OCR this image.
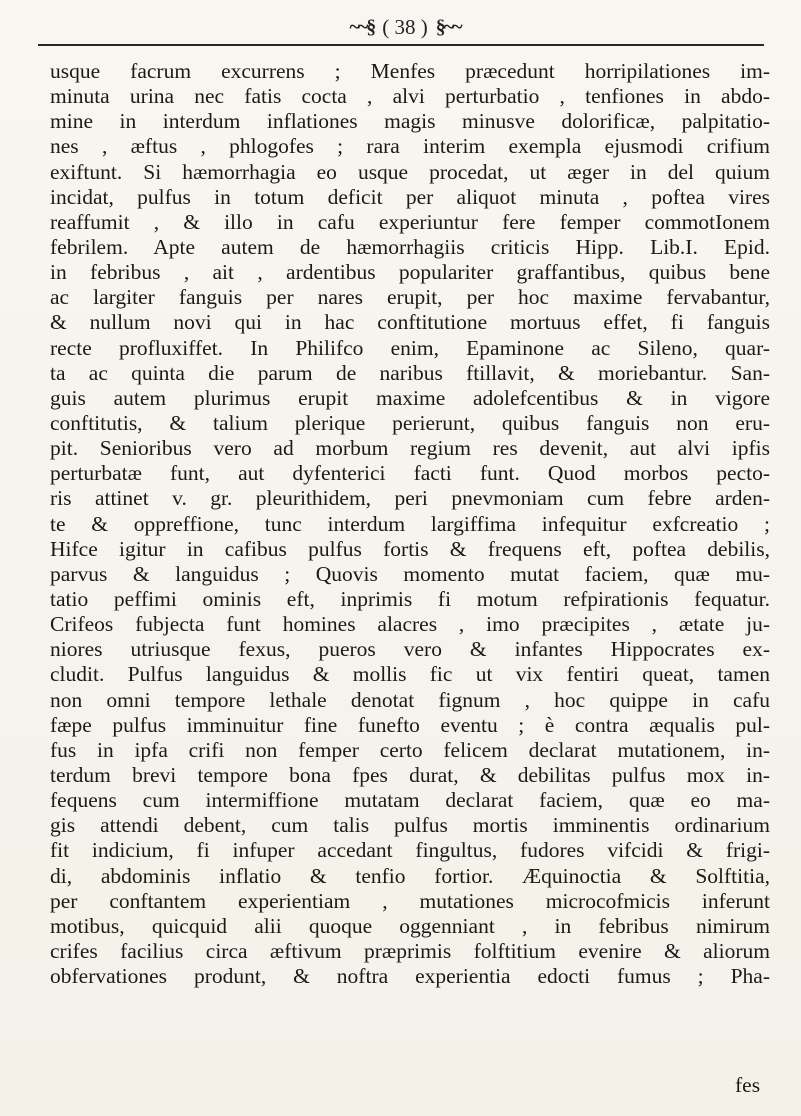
~~§ ( 38 ) §~~
usque facrum excurrens ; Menfes præcedunt horripilationes im-
minuta urina nec fatis cocta , alvi perturbatio , tenfiones in abdo-
mine in interdum inflationes magis minusve dolorificæ, palpitatio-
nes , æftus , phlogofes ; rara interim exempla ejusmodi crifium
exiftunt. Si hæmorrhagia eo usque procedat, ut æger in del quium
incidat, pulfus in totum deficit per aliquot minuta , poftea vires
reaffumit , & illo in cafu experiuntur fere femper commotIonem
febrilem. Apte autem de hæmorrhagiis criticis Hipp. Lib.I. Epid.
in febribus , ait , ardentibus populariter graffantibus, quibus bene
ac largiter fanguis per nares erupit, per hoc maxime fervabantur,
& nullum novi qui in hac conftitutione mortuus effet, fi fanguis
recte profluxiffet. In Philifco enim, Epaminone ac Sileno, quar-
ta ac quinta die parum de naribus ftillavit, & moriebantur. San-
guis autem plurimus erupit maxime adolefcentibus & in vigore
conftitutis, & talium plerique perierunt, quibus fanguis non eru-
pit. Senioribus vero ad morbum regium res devenit, aut alvi ipfis
perturbatæ funt, aut dyfenterici facti funt. Quod morbos pecto-
ris attinet v. gr. pleurithidem, peri pnevmoniam cum febre arden-
te & oppreffione, tunc interdum largiffima infequitur exfcreatio ;
Hifce igitur in cafibus pulfus fortis & frequens eft, poftea debilis,
parvus & languidus ; Quovis momento mutat faciem, quæ mu-
tatio peffimi ominis eft, inprimis fi motum refpirationis fequatur.
Crifeos fubjecta funt homines alacres , imo præcipites , ætate ju-
niores utriusque fexus, pueros vero & infantes Hippocrates ex-
cludit. Pulfus languidus & mollis fic ut vix fentiri queat, tamen
non omni tempore lethale denotat fignum , hoc quippe in cafu
fæpe pulfus imminuitur fine funefto eventu ; è contra æqualis pul-
fus in ipfa crifi non femper certo felicem declarat mutationem, in-
terdum brevi tempore bona fpes durat, & debilitas pulfus mox in-
fequens cum intermiffione mutatam declarat faciem, quæ eo ma-
gis attendi debent, cum talis pulfus mortis imminentis ordinarium
fit indicium, fi infuper accedant fingultus, fudores vifcidi & frigi-
di, abdominis inflatio & tenfio fortior. Æquinoctia & Solftitia,
per conftantem experientiam , mutationes microcofmicis inferunt
motibus, quicquid alii quoque oggenniant , in febribus nimirum
crifes facilius circa æftivum præprimis folftitium evenire & aliorum
obfervationes produnt, & noftra experientia edocti fumus ; Pha-
fes
